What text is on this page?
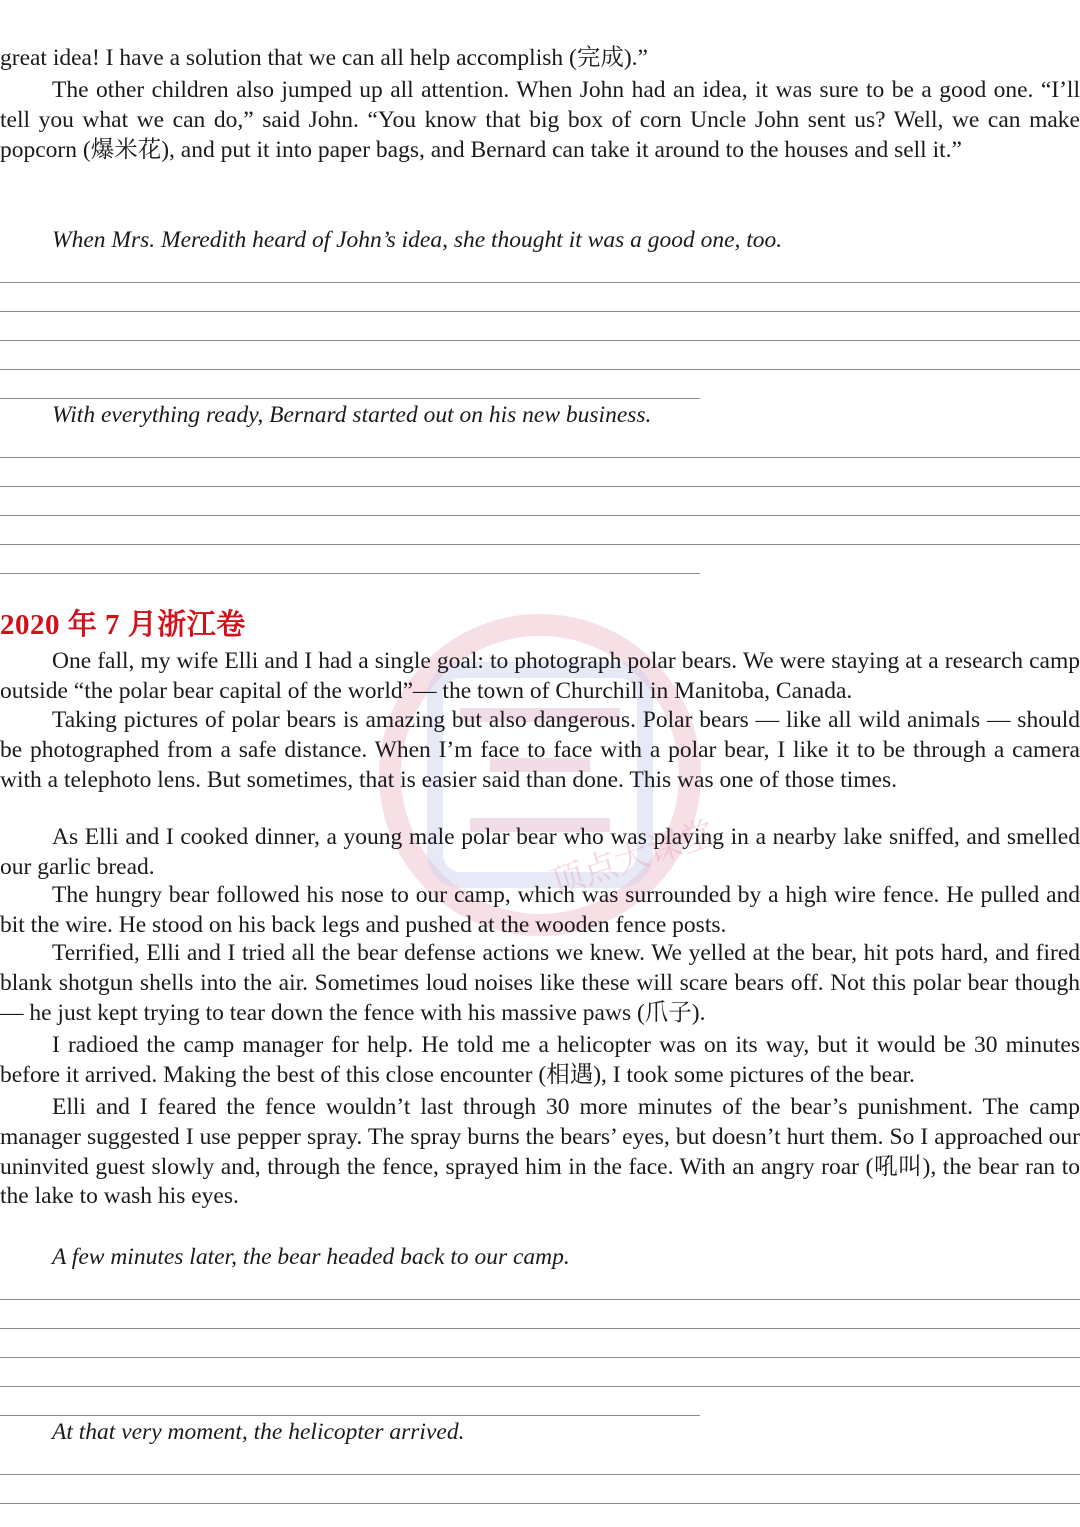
顶点大课堂

great idea! I have a solution that we can all help accomplish (完成).”

The other children also jumped up all attention. When John had an idea, it was sure to be a good one. “I’ll tell you what we can do,” said John. “You know that big box of corn Uncle John sent us? Well, we can make popcorn (爆米花), and put it into paper bags, and Bernard can take it around to the houses and sell it.”

When Mrs. Meredith heard of John’s idea, she thought it was a good one, too.

With everything ready, Bernard started out on his new business.

2020 年 7 月浙江卷

One fall, my wife Elli and I had a single goal: to photograph polar bears. We were staying at a research camp outside “the polar bear capital of the world”— the town of Churchill in Manitoba, Canada.

Taking pictures of polar bears is amazing but also dangerous. Polar bears — like all wild animals — should be photographed from a safe distance. When I’m face to face with a polar bear, I like it to be through a camera with a telephoto lens. But sometimes, that is easier said than done. This was one of those times.

As Elli and I cooked dinner, a young male polar bear who was playing in a nearby lake sniffed, and smelled our garlic bread.

The hungry bear followed his nose to our camp, which was surrounded by a high wire fence. He pulled and bit the wire. He stood on his back legs and pushed at the wooden fence posts.

Terrified, Elli and I tried all the bear defense actions we knew. We yelled at the bear, hit pots hard, and fired blank shotgun shells into the air. Sometimes loud noises like these will scare bears off. Not this polar bear though — he just kept trying to tear down the fence with his massive paws (爪子).

I radioed the camp manager for help. He told me a helicopter was on its way, but it would be 30 minutes before it arrived. Making the best of this close encounter (相遇), I took some pictures of the bear.

Elli and I feared the fence wouldn’t last through 30 more minutes of the bear’s punishment. The camp manager suggested I use pepper spray. The spray burns the bears’ eyes, but doesn’t hurt them. So I approached our uninvited guest slowly and, through the fence, sprayed him in the face. With an angry roar (吼叫), the bear ran to the lake to wash his eyes.

A few minutes later, the bear headed back to our camp.

At that very moment, the helicopter arrived.
